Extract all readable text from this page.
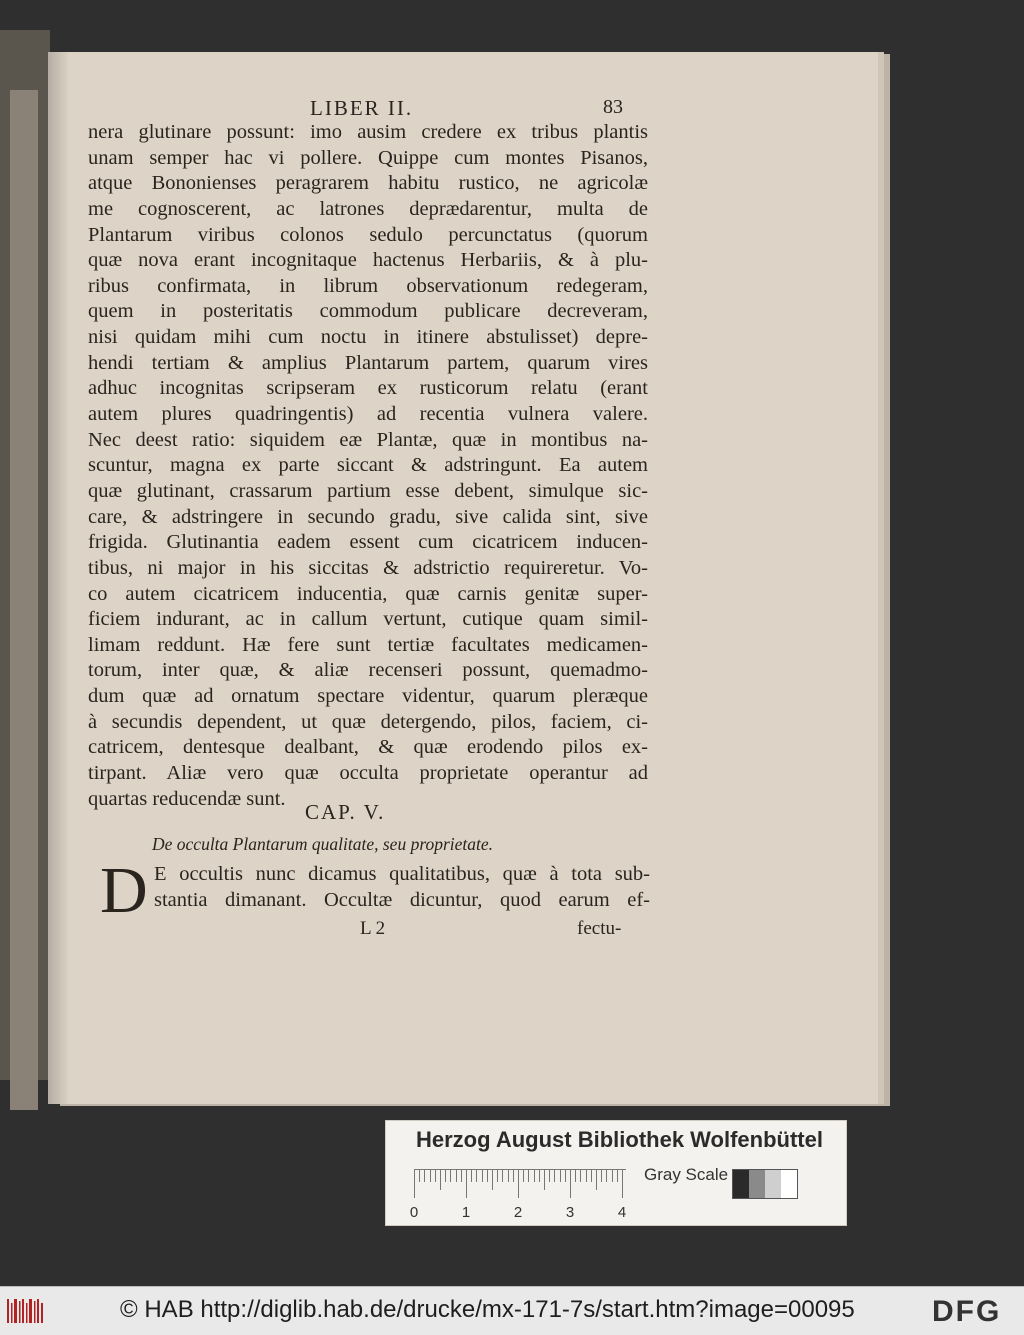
LIBER II.	83
nera glutinare possunt: imo ausim credere ex tribus plantis
unam semper hac vi pollere. Quippe cum montes Pisanos,
atque Bononienses peragrarem habitu rustico, ne agricolæ
me cognoscerent, ac latrones deprædarentur, multa de
Plantarum viribus colonos sedulo percunctatus (quorum
quæ nova erant incognitaque hactenus Herbariis, & à plu-
ribus confirmata, in librum observationum redegeram,
quem in posteritatis commodum publicare decreveram,
nisi quidam mihi cum noctu in itinere abstulisset) depre-
hendi tertiam & amplius Plantarum partem, quarum vires
adhuc incognitas scripseram ex rusticorum relatu (erant
autem plures quadringentis) ad recentia vulnera valere.
Nec deest ratio: siquidem eæ Plantæ, quæ in montibus na-
scuntur, magna ex parte siccant & adstringunt. Ea autem
quæ glutinant, crassarum partium esse debent, simulque sic-
care, & adstringere in secundo gradu, sive calida sint, sive
frigida. Glutinantia eadem essent cum cicatricem inducen-
tibus, ni major in his siccitas & adstrictio requireretur. Vo-
co autem cicatricem inducentia, quæ carnis genitæ super-
ficiem indurant, ac in callum vertunt, cutique quam simil-
limam reddunt. Hæ fere sunt tertiæ facultates medicamen-
torum, inter quæ, & aliæ recenseri possunt, quemadmo-
dum quæ ad ornatum spectare videntur, quarum pleræque
à secundis dependent, ut quæ detergendo, pilos, faciem, ci-
catricem, dentesque dealbant, & quæ erodendo pilos ex-
tirpant. Aliæ vero quæ occulta proprietate operantur ad
quartas reducendæ sunt.
CAP. V.
De occulta Plantarum qualitate, seu proprietate.
D E occultis nunc dicamus qualitatibus, quæ à tota sub-
stantia dimanant. Occultæ dicuntur, quod earum ef-
L 2	fectu-
Herzog August Bibliothek Wolfenbüttel
0	1	2	3	4
Gray Scale
© HAB http://diglib.hab.de/drucke/mx-171-7s/start.htm?image=00095	DFG
